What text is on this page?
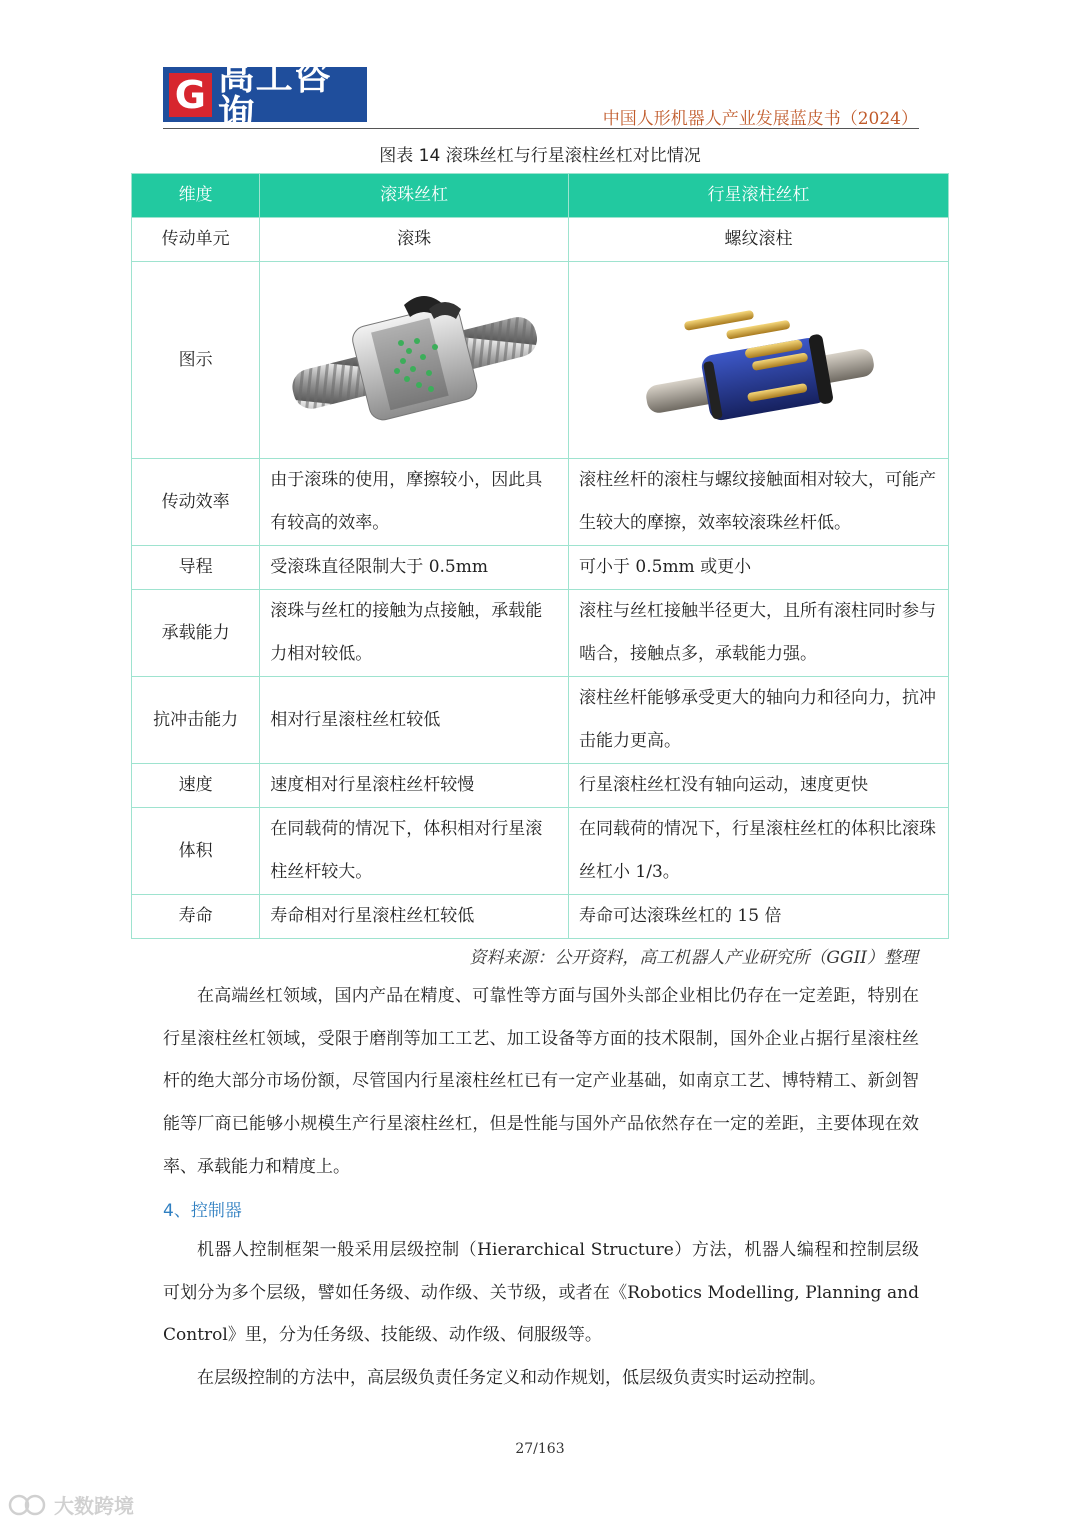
G 高工咨询	中国人形机器人产业发展蓝皮书（2024）
图表 14 滚珠丝杠与行星滚柱丝杠对比情况
维度	滚珠丝杠	行星滚柱丝杠
传动单元	滚珠	螺纹滚柱
图示	

传动效率	由于滚珠的使用，摩擦较小，因此具有较高的效率。	滚柱丝杆的滚柱与螺纹接触面相对较大，可能产生较大的摩擦，效率较滚珠丝杆低。
导程	受滚珠直径限制大于 0.5mm	可小于 0.5mm 或更小
承载能力	滚珠与丝杠的接触为点接触，承载能力相对较低。	滚柱与丝杠接触半径更大，且所有滚柱同时参与啮合，接触点多，承载能力强。
抗冲击能力	相对行星滚柱丝杠较低	滚柱丝杆能够承受更大的轴向力和径向力，抗冲击能力更高。
速度	速度相对行星滚柱丝杆较慢	行星滚柱丝杠没有轴向运动，速度更快
体积	在同载荷的情况下，体积相对行星滚柱丝杆较大。	在同载荷的情况下，行星滚柱丝杠的体积比滚珠丝杠小 1/3。
寿命	寿命相对行星滚柱丝杠较低	寿命可达滚珠丝杠的 15 倍
资料来源：公开资料，高工机器人产业研究所（GGII）整理

在高端丝杠领域，国内产品在精度、可靠性等方面与国外头部企业相比仍存在一定差距，特别在行星滚柱丝杠领域，受限于磨削等加工工艺、加工设备等方面的技术限制，国外企业占据行星滚柱丝杆的绝大部分市场份额，尽管国内行星滚柱丝杠已有一定产业基础，如南京工艺、博特精工、新剑智能等厂商已能够小规模生产行星滚柱丝杠，但是性能与国外产品依然存在一定的差距，主要体现在效率、承载能力和精度上。

4、控制器

机器人控制框架一般采用层级控制（Hierarchical Structure）方法，机器人编程和控制层级可划分为多个层级，譬如任务级、动作级、关节级，或者在《Robotics Modelling, Planning and Control》里，分为任务级、技能级、动作级、伺服级等。

在层级控制的方法中，高层级负责任务定义和动作规划，低层级负责实时运动控制。

27/163
大数跨境
